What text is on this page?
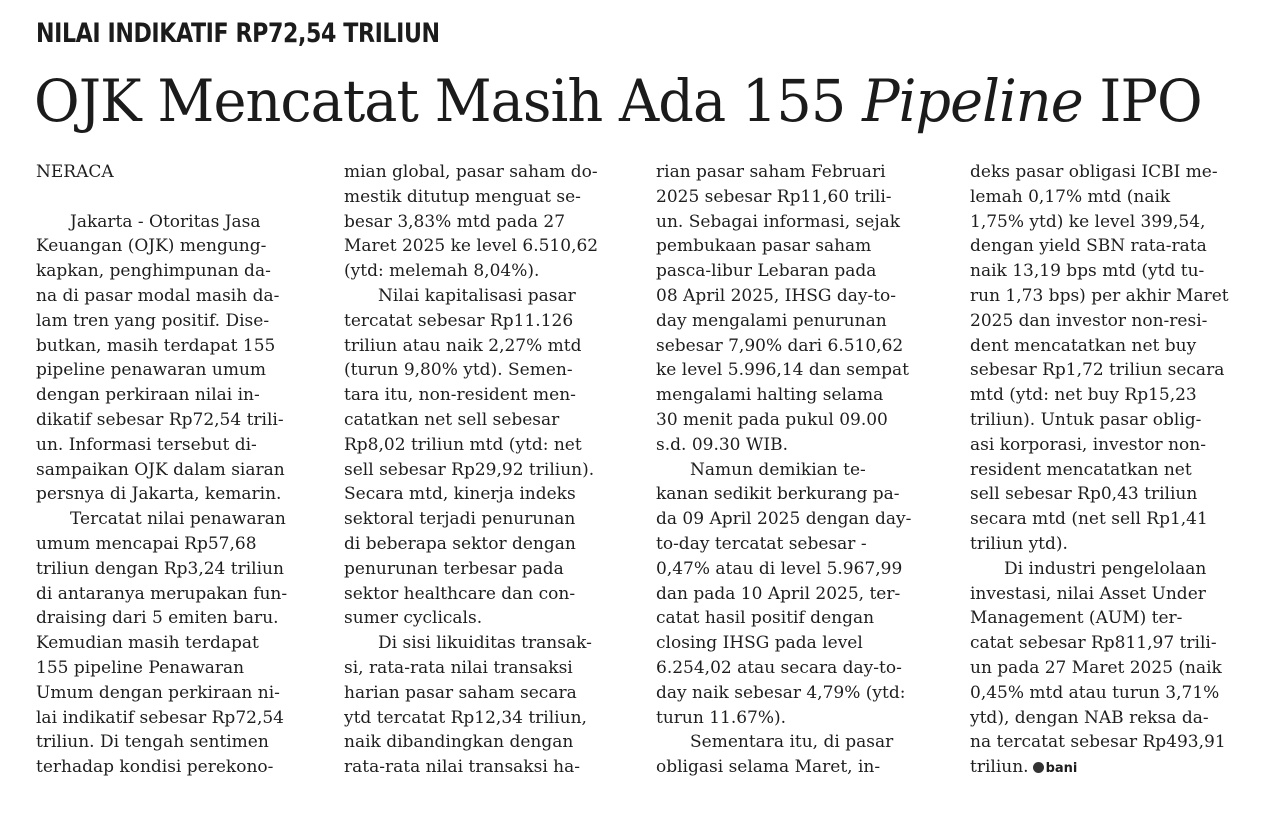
NILAI INDIKATIF RP72,54 TRILIUN
OJK Mencatat Masih Ada 155 Pipeline IPO
NERACA
Jakarta - Otoritas Jasa
Keuangan (OJK) mengung-
kapkan, penghimpunan da-
na di pasar modal masih da-
lam tren yang positif. Dise-
butkan, masih terdapat 155
pipeline penawaran umum
dengan perkiraan nilai in-
dikatif sebesar Rp72,54 trili-
un. Informasi tersebut di-
sampaikan OJK dalam siaran
persnya di Jakarta, kemarin.
Tercatat nilai penawaran
umum mencapai Rp57,68
triliun dengan Rp3,24 triliun
di antaranya merupakan fun-
draising dari 5 emiten baru.
Kemudian masih terdapat
155 pipeline Penawaran
Umum dengan perkiraan ni-
lai indikatif sebesar Rp72,54
triliun. Di tengah sentimen
terhadap kondisi perekono-
mian global, pasar saham do-
mestik ditutup menguat se-
besar 3,83% mtd pada 27
Maret 2025 ke level 6.510,62
(ytd: melemah 8,04%).
Nilai kapitalisasi pasar
tercatat sebesar Rp11.126
triliun atau naik 2,27% mtd
(turun 9,80% ytd). Semen-
tara itu, non-resident men-
catatkan net sell sebesar
Rp8,02 triliun mtd (ytd: net
sell sebesar Rp29,92 triliun).
Secara mtd, kinerja indeks
sektoral terjadi penurunan
di beberapa sektor dengan
penurunan terbesar pada
sektor healthcare dan con-
sumer cyclicals.
Di sisi likuiditas transak-
si, rata-rata nilai transaksi
harian pasar saham secara
ytd tercatat Rp12,34 triliun,
naik dibandingkan dengan
rata-rata nilai transaksi ha-
rian pasar saham Februari
2025 sebesar Rp11,60 trili-
un. Sebagai informasi, sejak
pembukaan pasar saham
pasca-libur Lebaran pada
08 April 2025, IHSG day-to-
day mengalami penurunan
sebesar 7,90% dari 6.510,62
ke level 5.996,14 dan sempat
mengalami halting selama
30 menit pada pukul 09.00
s.d. 09.30 WIB.
Namun demikian te-
kanan sedikit berkurang pa-
da 09 April 2025 dengan day-
to-day tercatat sebesar -
0,47% atau di level 5.967,99
dan pada 10 April 2025, ter-
catat hasil positif dengan
closing IHSG pada level
6.254,02 atau secara day-to-
day naik sebesar 4,79% (ytd:
turun 11.67%).
Sementara itu, di pasar
obligasi selama Maret, in-
deks pasar obligasi ICBI me-
lemah 0,17% mtd (naik
1,75% ytd) ke level 399,54,
dengan yield SBN rata-rata
naik 13,19 bps mtd (ytd tu-
run 1,73 bps) per akhir Maret
2025 dan investor non-resi-
dent mencatatkan net buy
sebesar Rp1,72 triliun secara
mtd (ytd: net buy Rp15,23
triliun). Untuk pasar oblig-
asi korporasi, investor non-
resident mencatatkan net
sell sebesar Rp0,43 triliun
secara mtd (net sell Rp1,41
triliun ytd).
Di industri pengelolaan
investasi, nilai Asset Under
Management (AUM) ter-
catat sebesar Rp811,97 trili-
un pada 27 Maret 2025 (naik
0,45% mtd atau turun 3,71%
ytd), dengan NAB reksa da-
na tercatat sebesar Rp493,91
triliun. bani
